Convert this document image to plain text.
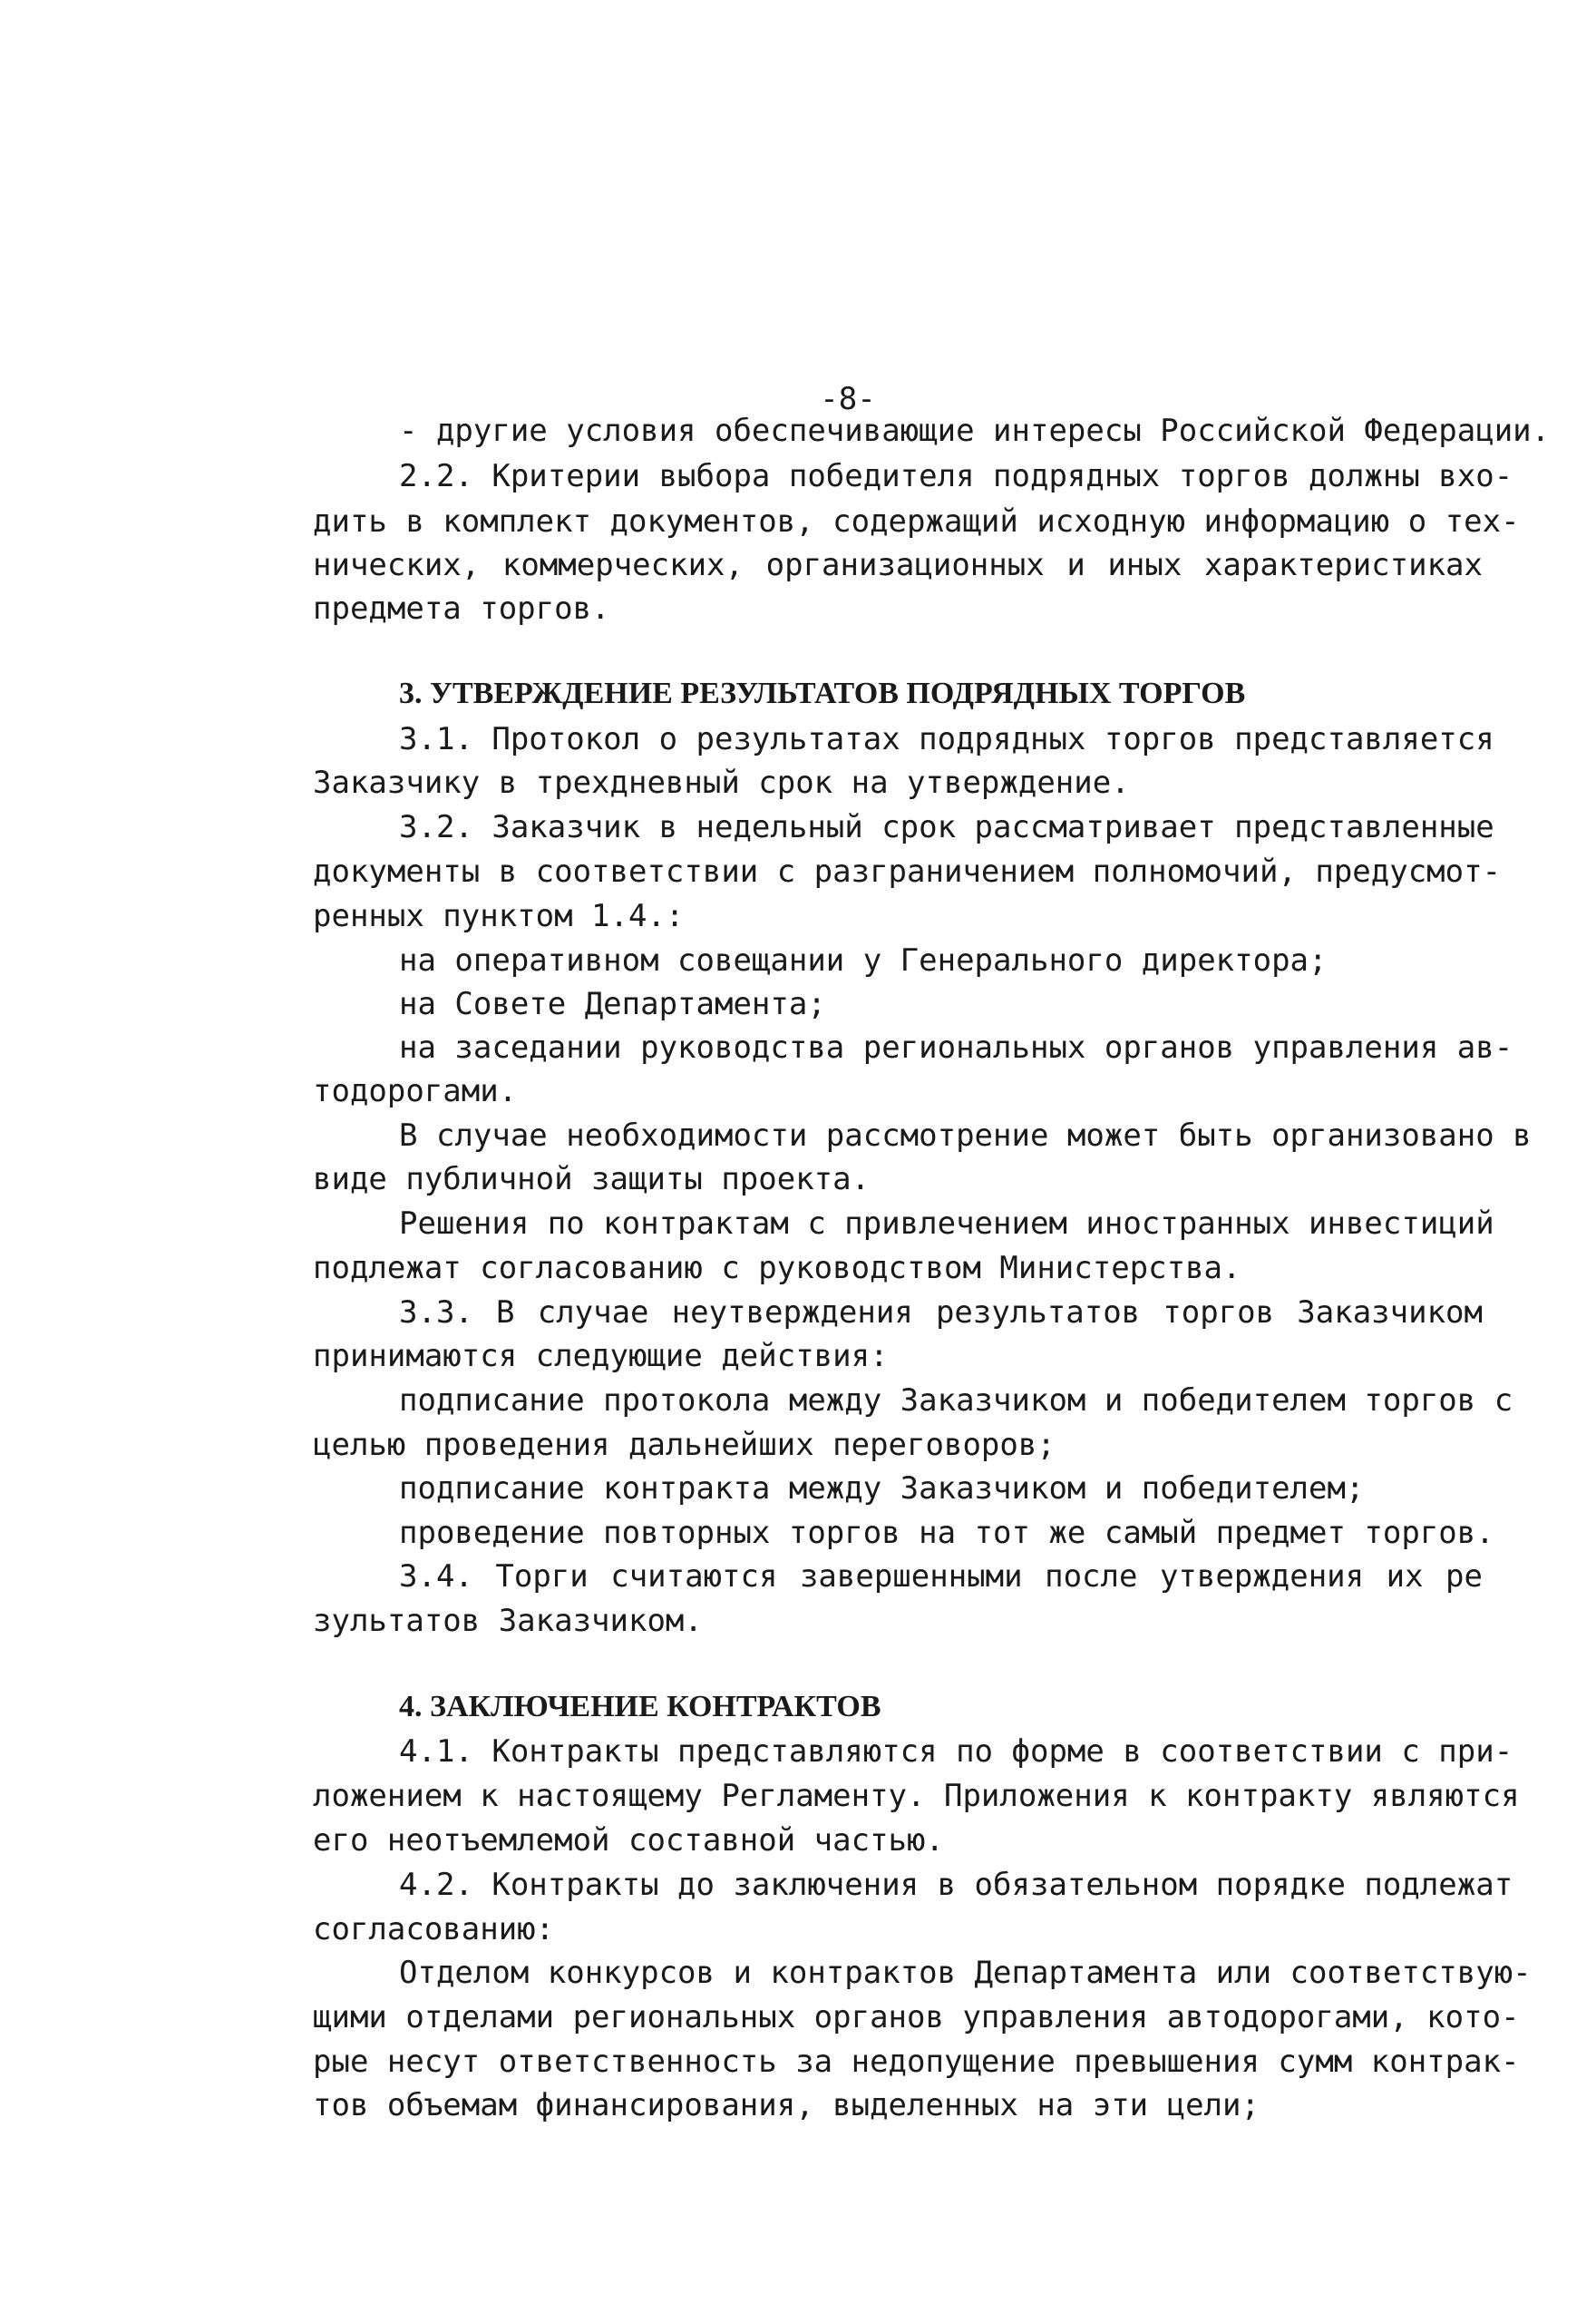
-8-
- другие условия обеспечивающие интересы Российской Федерации.
2.2. Критерии выбора победителя подрядных торгов должны вхо-
дить в комплект документов, содержащий исходную информацию о тех-
нических, коммерческих, организационных и иных характеристиках
предмета торгов.
3. УТВЕРЖДЕНИЕ РЕЗУЛЬТАТОВ ПОДРЯДНЫХ ТОРГОВ
3.1. Протокол о результатах подрядных торгов представляется
Заказчику в трехдневный срок на утверждение.
3.2. Заказчик в недельный срок рассматривает представленные
документы в соответствии с разграничением полномочий, предусмот-
ренных пунктом 1.4.:
на оперативном совещании у Генерального директора;
на Совете Департамента;
на заседании руководства региональных органов управления ав-
тодорогами.
В случае необходимости рассмотрение может быть организовано в
виде публичной защиты проекта.
Решения по контрактам с привлечением иностранных инвестиций
подлежат согласованию с руководством Министерства.
3.3. В случае неутверждения результатов торгов Заказчиком
принимаются следующие действия:
подписание протокола между Заказчиком и победителем торгов с
целью проведения дальнейших переговоров;
подписание контракта между Заказчиком и победителем;
проведение повторных торгов на тот же самый предмет торгов.
3.4. Торги считаются завершенными после утверждения их ре
зультатов Заказчиком.
4. ЗАКЛЮЧЕНИЕ КОНТРАКТОВ
4.1. Контракты представляются по форме в соответствии с при-
ложением к настоящему Регламенту. Приложения к контракту являются
его неотъемлемой составной частью.
4.2. Контракты до заключения в обязательном порядке подлежат
согласованию:
Отделом конкурсов и контрактов Департамента или соответствую-
щими отделами региональных органов управления автодорогами, кото-
рые несут ответственность за недопущение превышения сумм контрак-
тов объемам финансирования, выделенных на эти цели;
